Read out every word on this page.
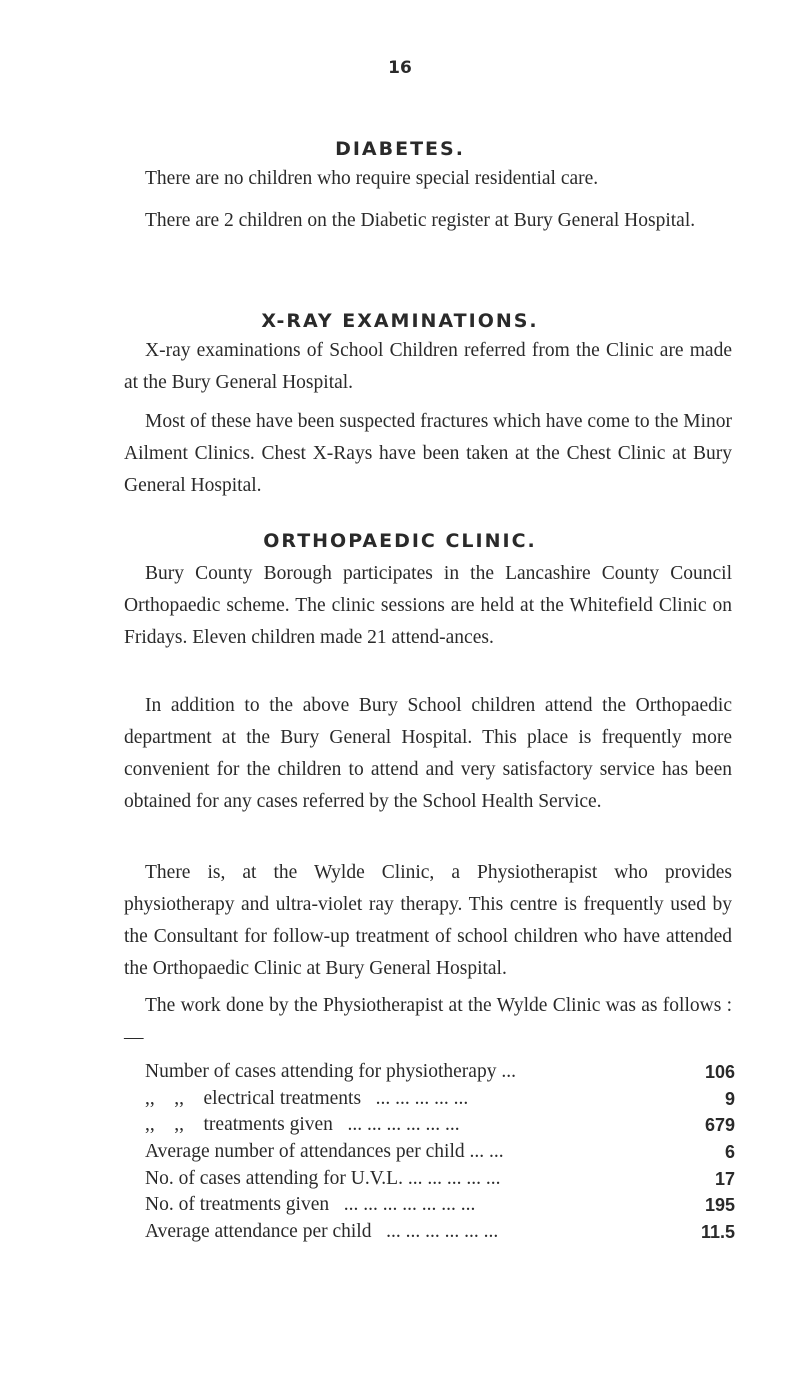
16
DIABETES.

There are no children who require special residential care.

There are 2 children on the Diabetic register at Bury General Hospital.

X-RAY EXAMINATIONS.

X-ray examinations of School Children referred from the Clinic are made at the Bury General Hospital.

Most of these have been suspected fractures which have come to the Minor Ailment Clinics. Chest X-Rays have been taken at the Chest Clinic at Bury General Hospital.

ORTHOPAEDIC CLINIC.

Bury County Borough participates in the Lancashire County Council Orthopaedic scheme. The clinic sessions are held at the Whitefield Clinic on Fridays. Eleven children made 21 attend-ances.

In addition to the above Bury School children attend the Orthopaedic department at the Bury General Hospital. This place is frequently more convenient for the children to attend and very satisfactory service has been obtained for any cases referred by the School Health Service.

There is, at the Wylde Clinic, a Physiotherapist who provides physiotherapy and ultra-violet ray therapy. This centre is frequently used by the Consultant for follow-up treatment of school children who have attended the Orthopaedic Clinic at Bury General Hospital.

The work done by the Physiotherapist at the Wylde Clinic was as follows :—

Number of cases attending for physiotherapy ...	106
,,    ,,    electrical treatments   ... ... ... ... ...	9
,,    ,,    treatments given   ... ... ... ... ... ...	679
Average number of attendances per child ... ...	6
No. of cases attending for U.V.L. ... ... ... ... ...	17
No. of treatments given   ... ... ... ... ... ... ...	195
Average attendance per child   ... ... ... ... ... ...	11.5
